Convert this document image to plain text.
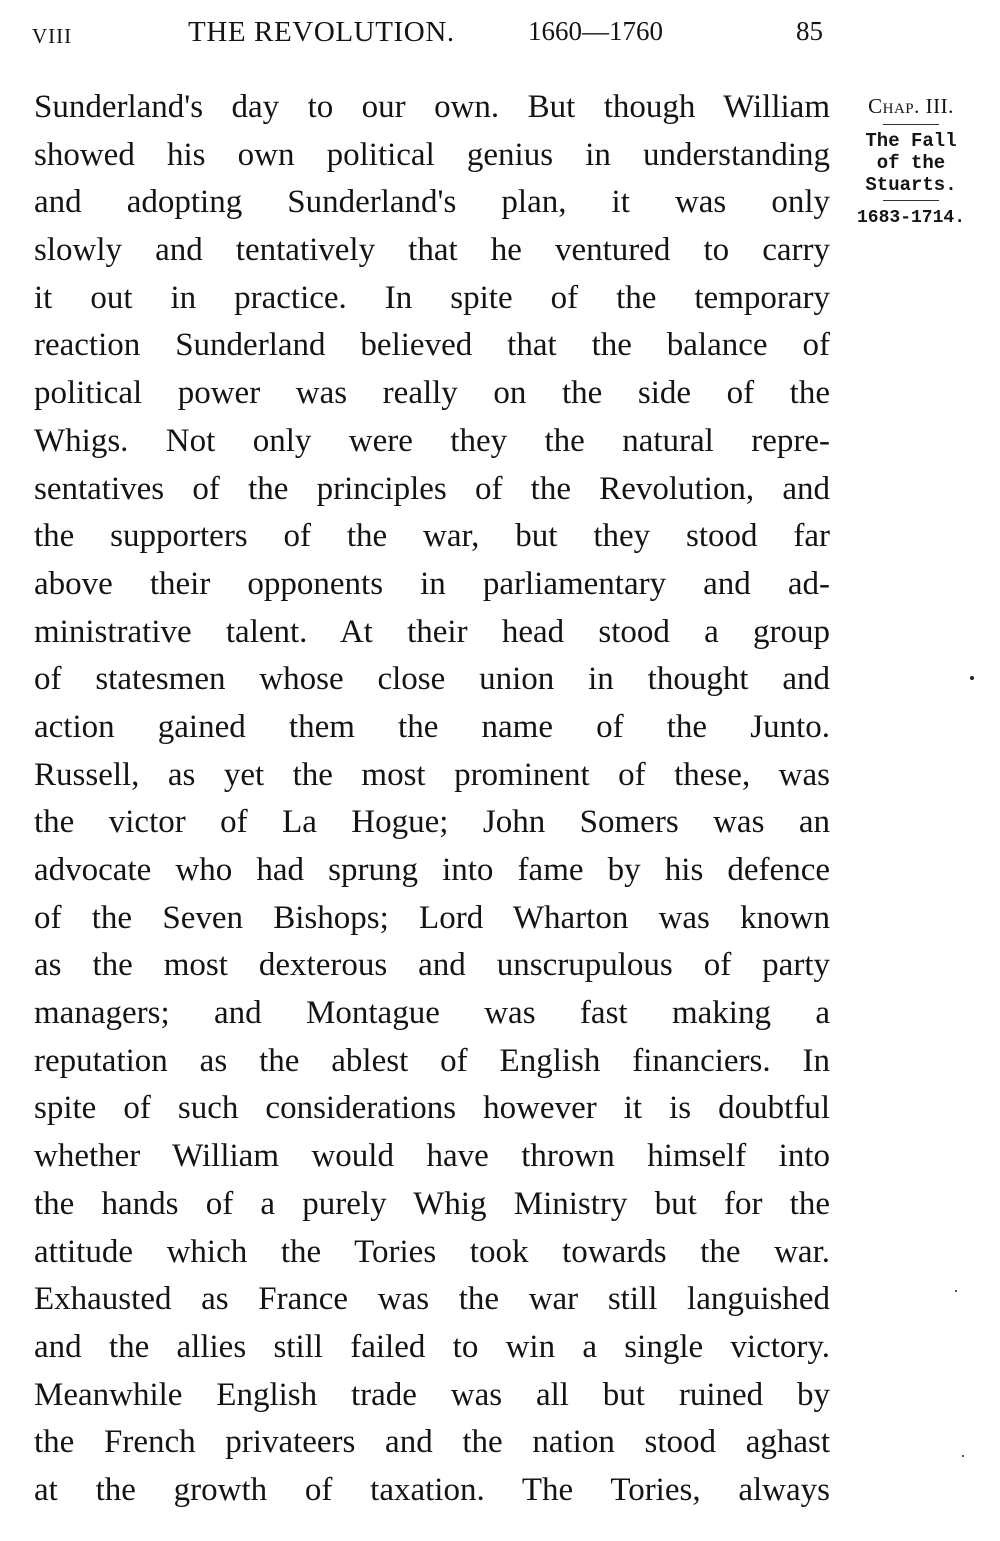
VIII	THE REVOLUTION.	1660—1760	85
Sunderland's day to our own. But though William
showed his own political genius in understanding
and adopting Sunderland's plan, it was only
slowly and tentatively that he ventured to carry
it out in practice. In spite of the temporary
reaction Sunderland believed that the balance of
political power was really on the side of the
Whigs. Not only were they the natural repre-
sentatives of the principles of the Revolution, and
the supporters of the war, but they stood far
above their opponents in parliamentary and ad-
ministrative talent. At their head stood a group
of statesmen whose close union in thought and
action gained them the name of the Junto.
Russell, as yet the most prominent of these, was
the victor of La Hogue; John Somers was an
advocate who had sprung into fame by his defence
of the Seven Bishops; Lord Wharton was known
as the most dexterous and unscrupulous of party
managers; and Montague was fast making a
reputation as the ablest of English financiers. In
spite of such considerations however it is doubtful
whether William would have thrown himself into
the hands of a purely Whig Ministry but for the
attitude which the Tories took towards the war.
Exhausted as France was the war still languished
and the allies still failed to win a single victory.
Meanwhile English trade was all but ruined by
the French privateers and the nation stood aghast
at the growth of taxation. The Tories, always
Chap. III.
The Fall of the Stuarts.
1683-1714.
